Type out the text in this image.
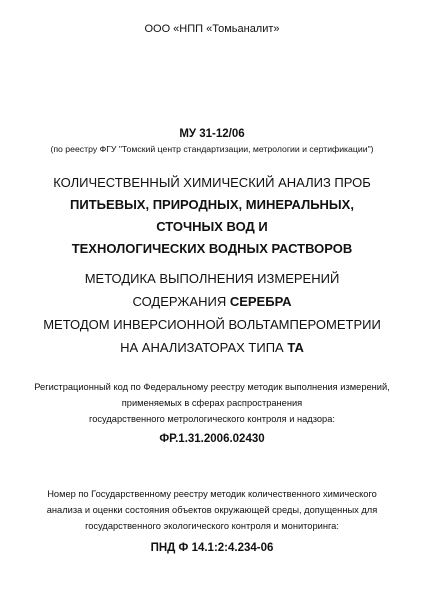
ООО «НПП «Томьаналит»
МУ 31-12/06
(по реестру ФГУ "Томский центр стандартизации, метрологии и сертификации")
КОЛИЧЕСТВЕННЫЙ ХИМИЧЕСКИЙ АНАЛИЗ ПРОБ
ПИТЬЕВЫХ, ПРИРОДНЫХ, МИНЕРАЛЬНЫХ,
СТОЧНЫХ ВОД И
ТЕХНОЛОГИЧЕСКИХ ВОДНЫХ РАСТВОРОВ
МЕТОДИКА ВЫПОЛНЕНИЯ ИЗМЕРЕНИЙ
СОДЕРЖАНИЯ СЕРЕБРА
МЕТОДОМ ИНВЕРСИОННОЙ ВОЛЬТАМПЕРОМЕТРИИ
НА АНАЛИЗАТОРАХ ТИПА ТА
Регистрационный код по Федеральному реестру методик выполнения измерений,
применяемых в сферах распространения
государственного метрологического контроля и надзора:
ФР.1.31.2006.02430
Номер по Государственному реестру методик количественного химического
анализа и оценки состояния объектов окружающей среды, допущенных для
государственного экологического контроля и мониторинга:
ПНД Ф 14.1:2:4.234-06
